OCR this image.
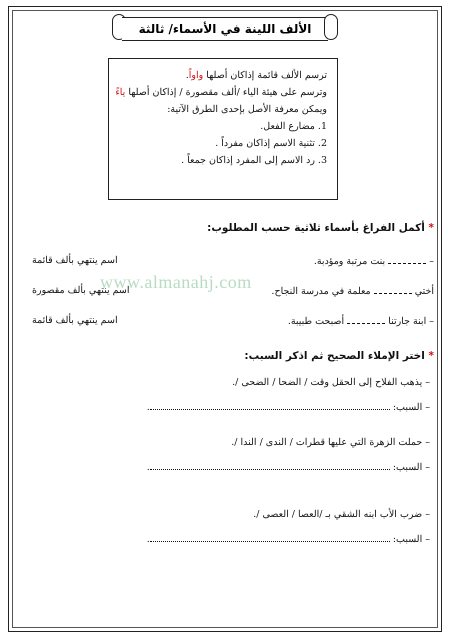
الألف اللينة في الأسماء/ ثالثة
ترسم الألف قائمة إذاكان أصلها واواً.
وترسم على هيئة الياء /ألف مقصورة / إذاكان أصلها ياءً
ويمكن معرفة الأصل بإحدى الطرق الآتية:
1. مضارع الفعل.
2. تثنية الاسم إذاكان مفرداً .
3. رد الاسم إلى المفرد إذاكان جمعاً .
* أكمل الفراغ بأسماء ثلاثية حسب المطلوب:
–  بنت مرتبة ومؤدبة.
اسم ينتهي بألف قائمة
أختي  معلمة في مدرسة النجاح.
اسم ينتهي بألف مقصورة
– ابنة جارتنا  أصبحت طبيبة.
اسم ينتهي بألف قائمة
www.almanahj.com
* اختر الإملاء الصحيح ثم اذكر السبب:
– يذهب الفلاح إلى الحقل وقت / الضحا / الضحى /.
– السبب: .
– حملت الزهرة التي عليها قطرات / الندى / الندا /.
– السبب: .
– ضرب الأب ابنه الشقي بـ /العصا / العصى /.
– السبب: .
